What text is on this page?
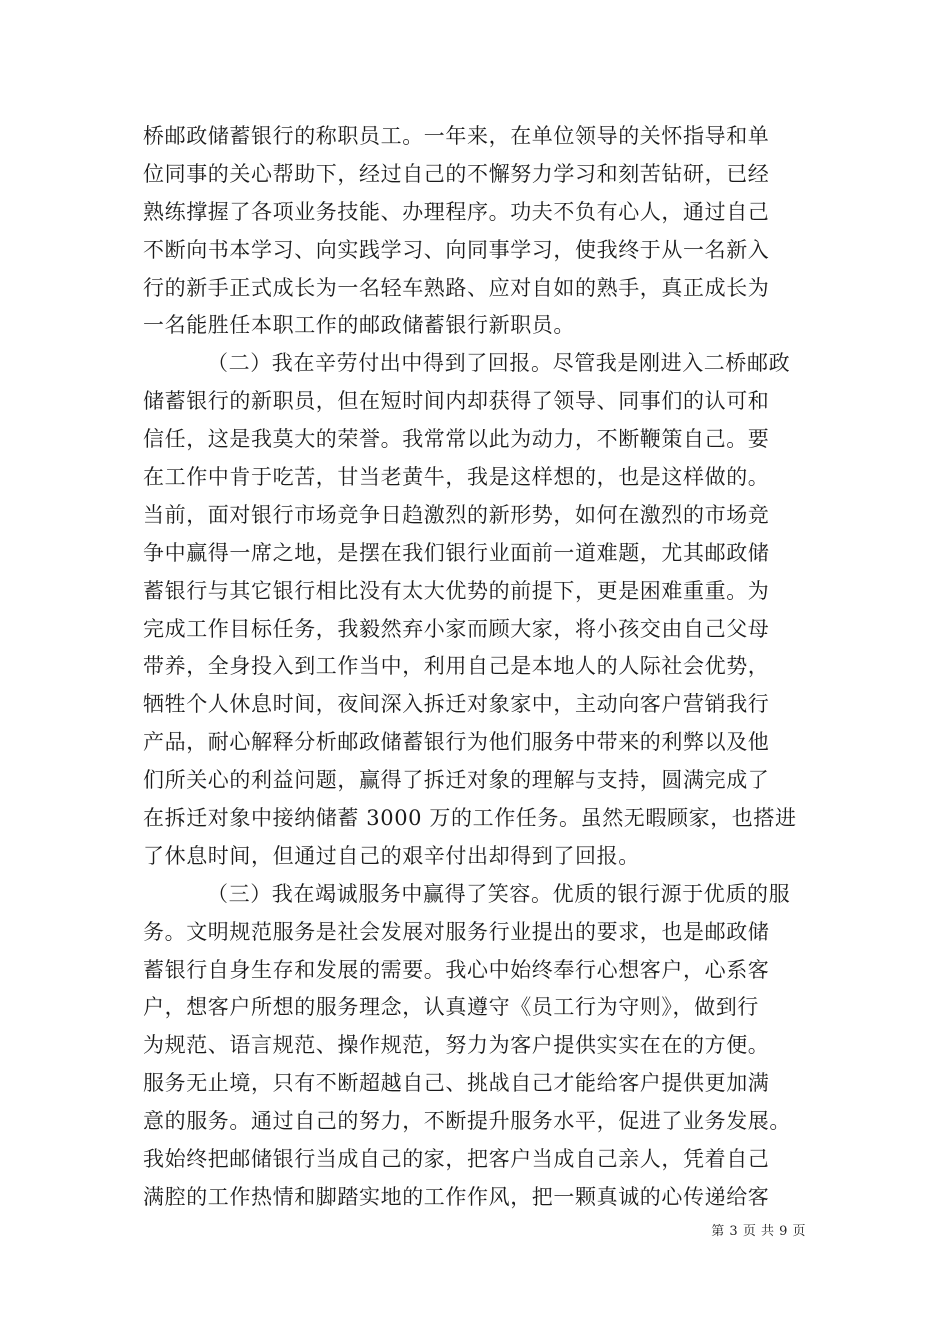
桥邮政储蓄银行的称职员工。一年来，在单位领导的关怀指导和单
位同事的关心帮助下，经过自己的不懈努力学习和刻苦钻研，已经
熟练撑握了各项业务技能、办理程序。功夫不负有心人，通过自己
不断向书本学习、向实践学习、向同事学习，使我终于从一名新入
行的新手正式成长为一名轻车熟路、应对自如的熟手，真正成长为
一名能胜任本职工作的邮政储蓄银行新职员。
（二）我在辛劳付出中得到了回报。尽管我是刚进入二桥邮政
储蓄银行的新职员，但在短时间内却获得了领导、同事们的认可和
信任，这是我莫大的荣誉。我常常以此为动力，不断鞭策自己。要
在工作中肯于吃苦，甘当老黄牛，我是这样想的，也是这样做的。
当前，面对银行市场竞争日趋激烈的新形势，如何在激烈的市场竞
争中赢得一席之地，是摆在我们银行业面前一道难题，尤其邮政储
蓄银行与其它银行相比没有太大优势的前提下，更是困难重重。为
完成工作目标任务，我毅然弃小家而顾大家，将小孩交由自己父母
带养，全身投入到工作当中，利用自己是本地人的人际社会优势，
牺牲个人休息时间，夜间深入拆迁对象家中，主动向客户营销我行
产品，耐心解释分析邮政储蓄银行为他们服务中带来的利弊以及他
们所关心的利益问题，赢得了拆迁对象的理解与支持，圆满完成了
在拆迁对象中接纳储蓄 3000 万的工作任务。虽然无暇顾家，也搭进
了休息时间，但通过自己的艰辛付出却得到了回报。
（三）我在竭诚服务中赢得了笑容。优质的银行源于优质的服
务。文明规范服务是社会发展对服务行业提出的要求，也是邮政储
蓄银行自身生存和发展的需要。我心中始终奉行心想客户，心系客
户，想客户所想的服务理念，认真遵守《员工行为守则》，做到行
为规范、语言规范、操作规范，努力为客户提供实实在在的方便。
服务无止境，只有不断超越自己、挑战自己才能给客户提供更加满
意的服务。通过自己的努力，不断提升服务水平，促进了业务发展。
我始终把邮储银行当成自己的家，把客户当成自己亲人，凭着自己
满腔的工作热情和脚踏实地的工作作风，把一颗真诚的心传递给客
第 3 页 共 9 页
